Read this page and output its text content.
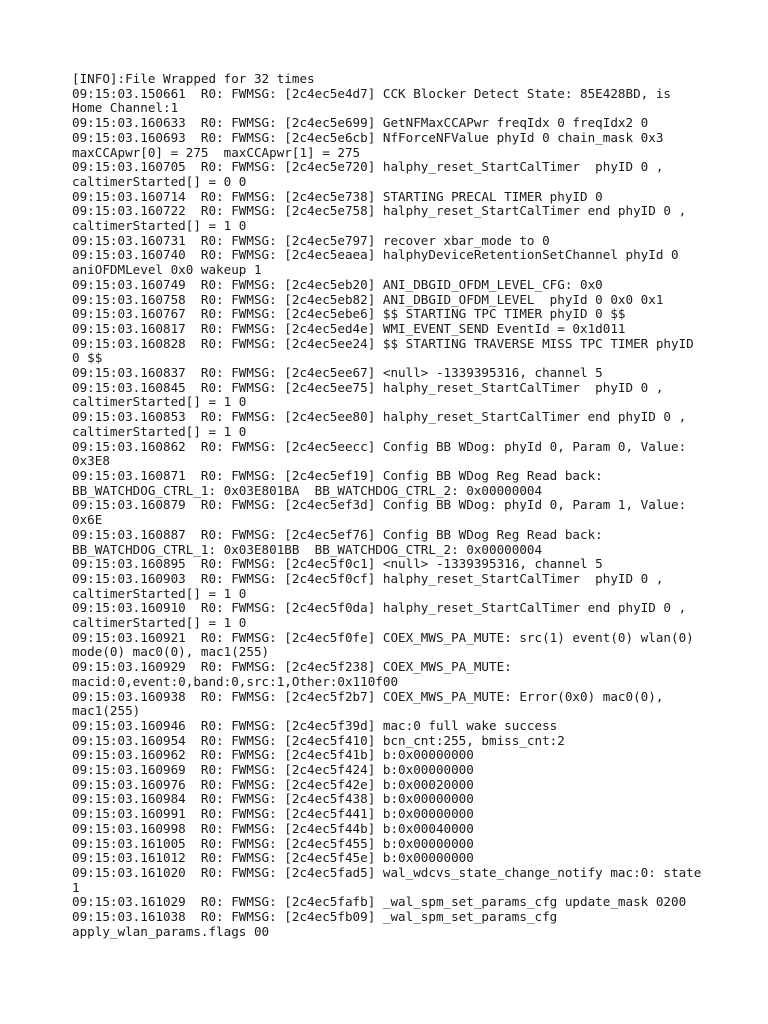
[INFO]:File Wrapped for 32 times
09:15:03.150661  R0: FWMSG: [2c4ec5e4d7] CCK Blocker Detect State: 85E428BD, is
Home Channel:1
09:15:03.160633  R0: FWMSG: [2c4ec5e699] GetNFMaxCCAPwr freqIdx 0 freqIdx2 0
09:15:03.160693  R0: FWMSG: [2c4ec5e6cb] NfForceNFValue phyId 0 chain_mask 0x3
maxCCApwr[0] = 275  maxCCApwr[1] = 275
09:15:03.160705  R0: FWMSG: [2c4ec5e720] halphy_reset_StartCalTimer  phyID 0 ,
caltimerStarted[] = 0 0
09:15:03.160714  R0: FWMSG: [2c4ec5e738] STARTING PRECAL TIMER phyID 0
09:15:03.160722  R0: FWMSG: [2c4ec5e758] halphy_reset_StartCalTimer end phyID 0 ,
caltimerStarted[] = 1 0
09:15:03.160731  R0: FWMSG: [2c4ec5e797] recover xbar_mode to 0
09:15:03.160740  R0: FWMSG: [2c4ec5eaea] halphyDeviceRetentionSetChannel phyId 0
aniOFDMLevel 0x0 wakeup 1
09:15:03.160749  R0: FWMSG: [2c4ec5eb20] ANI_DBGID_OFDM_LEVEL_CFG: 0x0
09:15:03.160758  R0: FWMSG: [2c4ec5eb82] ANI_DBGID_OFDM_LEVEL  phyId 0 0x0 0x1
09:15:03.160767  R0: FWMSG: [2c4ec5ebe6] $$ STARTING TPC TIMER phyID 0 $$
09:15:03.160817  R0: FWMSG: [2c4ec5ed4e] WMI_EVENT_SEND EventId = 0x1d011
09:15:03.160828  R0: FWMSG: [2c4ec5ee24] $$ STARTING TRAVERSE MISS TPC TIMER phyID
0 $$
09:15:03.160837  R0: FWMSG: [2c4ec5ee67] <null> -1339395316, channel 5
09:15:03.160845  R0: FWMSG: [2c4ec5ee75] halphy_reset_StartCalTimer  phyID 0 ,
caltimerStarted[] = 1 0
09:15:03.160853  R0: FWMSG: [2c4ec5ee80] halphy_reset_StartCalTimer end phyID 0 ,
caltimerStarted[] = 1 0
09:15:03.160862  R0: FWMSG: [2c4ec5eecc] Config BB WDog: phyId 0, Param 0, Value:
0x3E8
09:15:03.160871  R0: FWMSG: [2c4ec5ef19] Config BB WDog Reg Read back:
BB_WATCHDOG_CTRL_1: 0x03E801BA  BB_WATCHDOG_CTRL_2: 0x00000004
09:15:03.160879  R0: FWMSG: [2c4ec5ef3d] Config BB WDog: phyId 0, Param 1, Value:
0x6E
09:15:03.160887  R0: FWMSG: [2c4ec5ef76] Config BB WDog Reg Read back:
BB_WATCHDOG_CTRL_1: 0x03E801BB  BB_WATCHDOG_CTRL_2: 0x00000004
09:15:03.160895  R0: FWMSG: [2c4ec5f0c1] <null> -1339395316, channel 5
09:15:03.160903  R0: FWMSG: [2c4ec5f0cf] halphy_reset_StartCalTimer  phyID 0 ,
caltimerStarted[] = 1 0
09:15:03.160910  R0: FWMSG: [2c4ec5f0da] halphy_reset_StartCalTimer end phyID 0 ,
caltimerStarted[] = 1 0
09:15:03.160921  R0: FWMSG: [2c4ec5f0fe] COEX_MWS_PA_MUTE: src(1) event(0) wlan(0)
mode(0) mac0(0), mac1(255)
09:15:03.160929  R0: FWMSG: [2c4ec5f238] COEX_MWS_PA_MUTE:
macid:0,event:0,band:0,src:1,Other:0x110f00
09:15:03.160938  R0: FWMSG: [2c4ec5f2b7] COEX_MWS_PA_MUTE: Error(0x0) mac0(0),
mac1(255)
09:15:03.160946  R0: FWMSG: [2c4ec5f39d] mac:0 full wake success
09:15:03.160954  R0: FWMSG: [2c4ec5f410] bcn_cnt:255, bmiss_cnt:2
09:15:03.160962  R0: FWMSG: [2c4ec5f41b] b:0x00000000
09:15:03.160969  R0: FWMSG: [2c4ec5f424] b:0x00000000
09:15:03.160976  R0: FWMSG: [2c4ec5f42e] b:0x00020000
09:15:03.160984  R0: FWMSG: [2c4ec5f438] b:0x00000000
09:15:03.160991  R0: FWMSG: [2c4ec5f441] b:0x00000000
09:15:03.160998  R0: FWMSG: [2c4ec5f44b] b:0x00040000
09:15:03.161005  R0: FWMSG: [2c4ec5f455] b:0x00000000
09:15:03.161012  R0: FWMSG: [2c4ec5f45e] b:0x00000000
09:15:03.161020  R0: FWMSG: [2c4ec5fad5] wal_wdcvs_state_change_notify mac:0: state
1
09:15:03.161029  R0: FWMSG: [2c4ec5fafb] _wal_spm_set_params_cfg update_mask 0200
09:15:03.161038  R0: FWMSG: [2c4ec5fb09] _wal_spm_set_params_cfg
apply_wlan_params.flags 00
